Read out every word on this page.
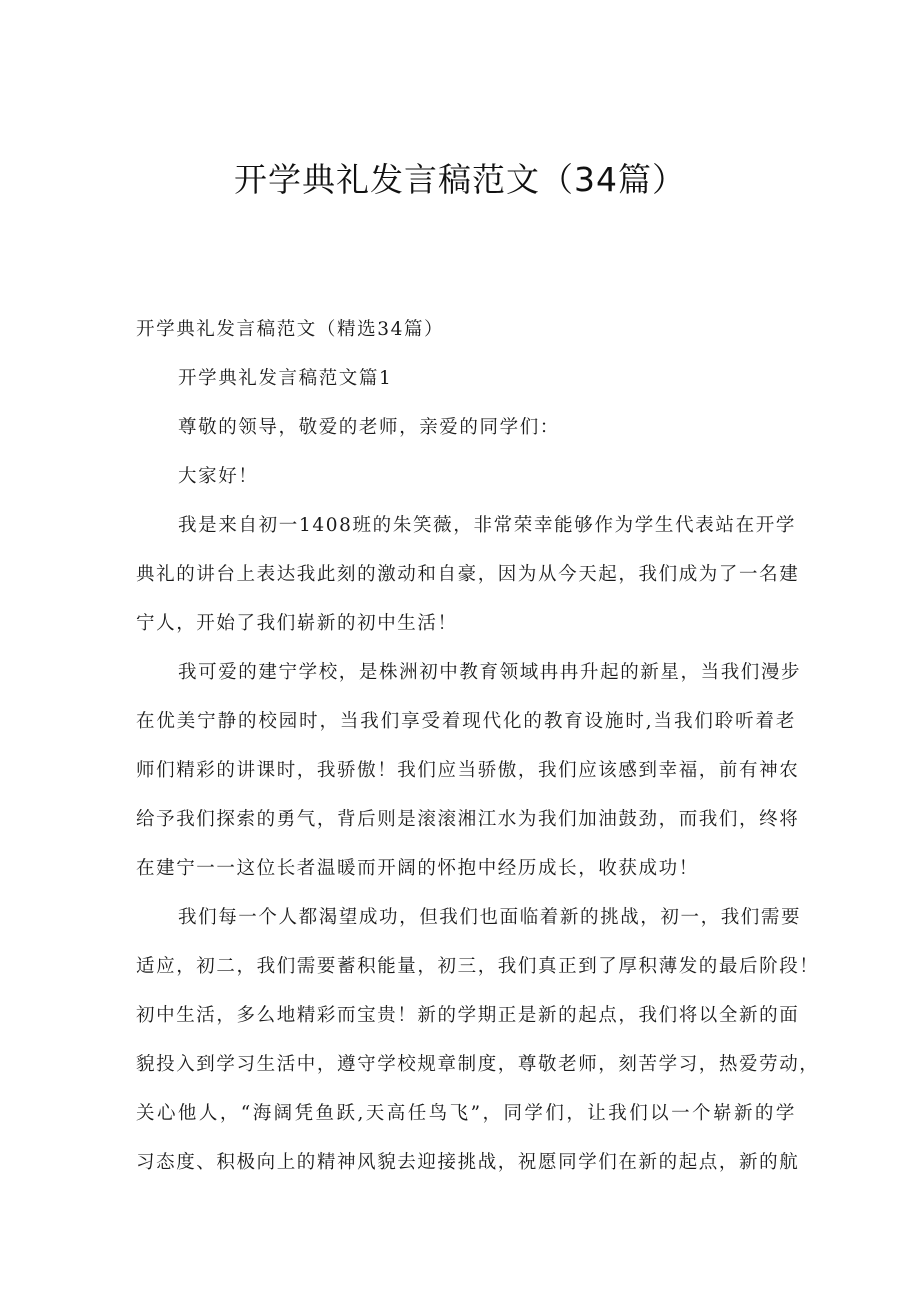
开学典礼发言稿范文（34篇）
开学典礼发言稿范文（精选34篇）
开学典礼发言稿范文篇1
尊敬的领导，敬爱的老师，亲爱的同学们：
大家好！
我是来自初一1408班的朱笑薇，非常荣幸能够作为学生代表站在开学
典礼的讲台上表达我此刻的激动和自豪，因为从今天起，我们成为了一名建
宁人，开始了我们崭新的初中生活！
我可爱的建宁学校，是株洲初中教育领域冉冉升起的新星，当我们漫步
在优美宁静的校园时，当我们享受着现代化的教育设施时,当我们聆听着老
师们精彩的讲课时，我骄傲！我们应当骄傲，我们应该感到幸福，前有神农
给予我们探索的勇气，背后则是滚滚湘江水为我们加油鼓劲，而我们，终将
在建宁一一这位长者温暖而开阔的怀抱中经历成长，收获成功！
我们每一个人都渴望成功，但我们也面临着新的挑战，初一，我们需要
适应，初二，我们需要蓄积能量，初三，我们真正到了厚积薄发的最后阶段！
初中生活，多么地精彩而宝贵！新的学期正是新的起点，我们将以全新的面
貌投入到学习生活中，遵守学校规章制度，尊敬老师，刻苦学习，热爱劳动，
关心他人，“海阔凭鱼跃,天高任鸟飞”，同学们，让我们以一个崭新的学
习态度、积极向上的精神风貌去迎接挑战，祝愿同学们在新的起点，新的航
